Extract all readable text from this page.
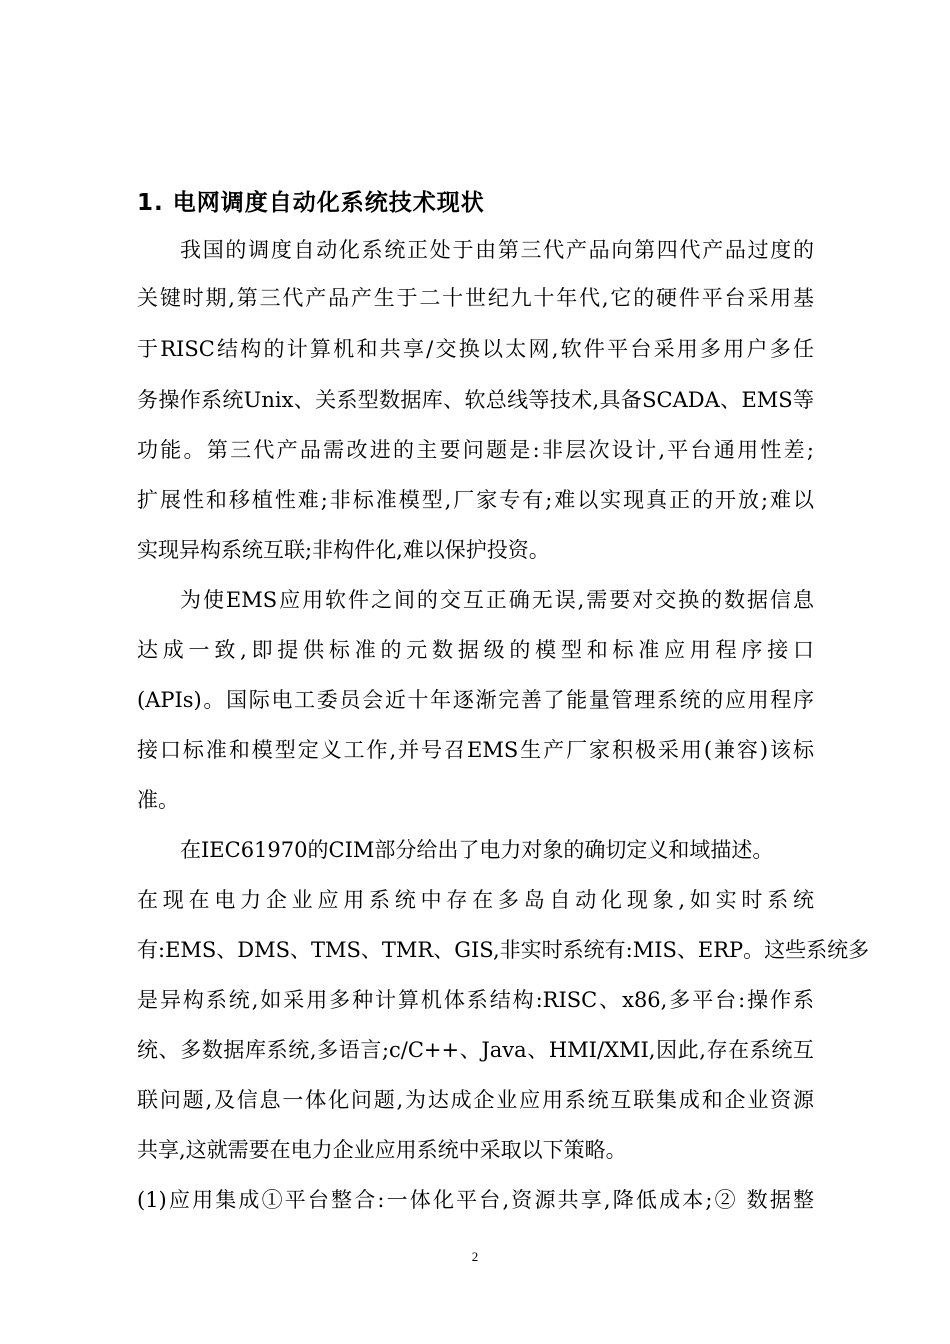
1. 电网调度自动化系统技术现状
我国的调度自动化系统正处于由第三代产品向第四代产品过度的
关键时期,第三代产品产生于二十世纪九十年代,它的硬件平台采用基
于RISC结构的计算机和共享/交换以太网,软件平台采用多用户多任
务操作系统Unix、关系型数据库、软总线等技术,具备SCADA、EMS等
功能。第三代产品需改进的主要问题是:非层次设计,平台通用性差;
扩展性和移植性难;非标准模型,厂家专有;难以实现真正的开放;难以
实现异构系统互联;非构件化,难以保护投资。
为使EMS应用软件之间的交互正确无误,需要对交换的数据信息
达成一致,即提供标准的元数据级的模型和标准应用程序接口
(APIs)。国际电工委员会近十年逐渐完善了能量管理系统的应用程序
接口标准和模型定义工作,并号召EMS生产厂家积极采用(兼容)该标
准。
在IEC61970的CIM部分给出了电力对象的确切定义和域描述。
在现在电力企业应用系统中存在多岛自动化现象,如实时系统
有:EMS、DMS、TMS、TMR、GIS,非实时系统有:MIS、ERP。这些系统多
是异构系统,如采用多种计算机体系结构:RISC、x86,多平台:操作系
统、多数据库系统,多语言;c/C++、Java、HMI/XMI,因此,存在系统互
联问题,及信息一体化问题,为达成企业应用系统互联集成和企业资源
共享,这就需要在电力企业应用系统中采取以下策略。
(1)应用集成①平台整合:一体化平台,资源共享,降低成本;② 数据整
2
